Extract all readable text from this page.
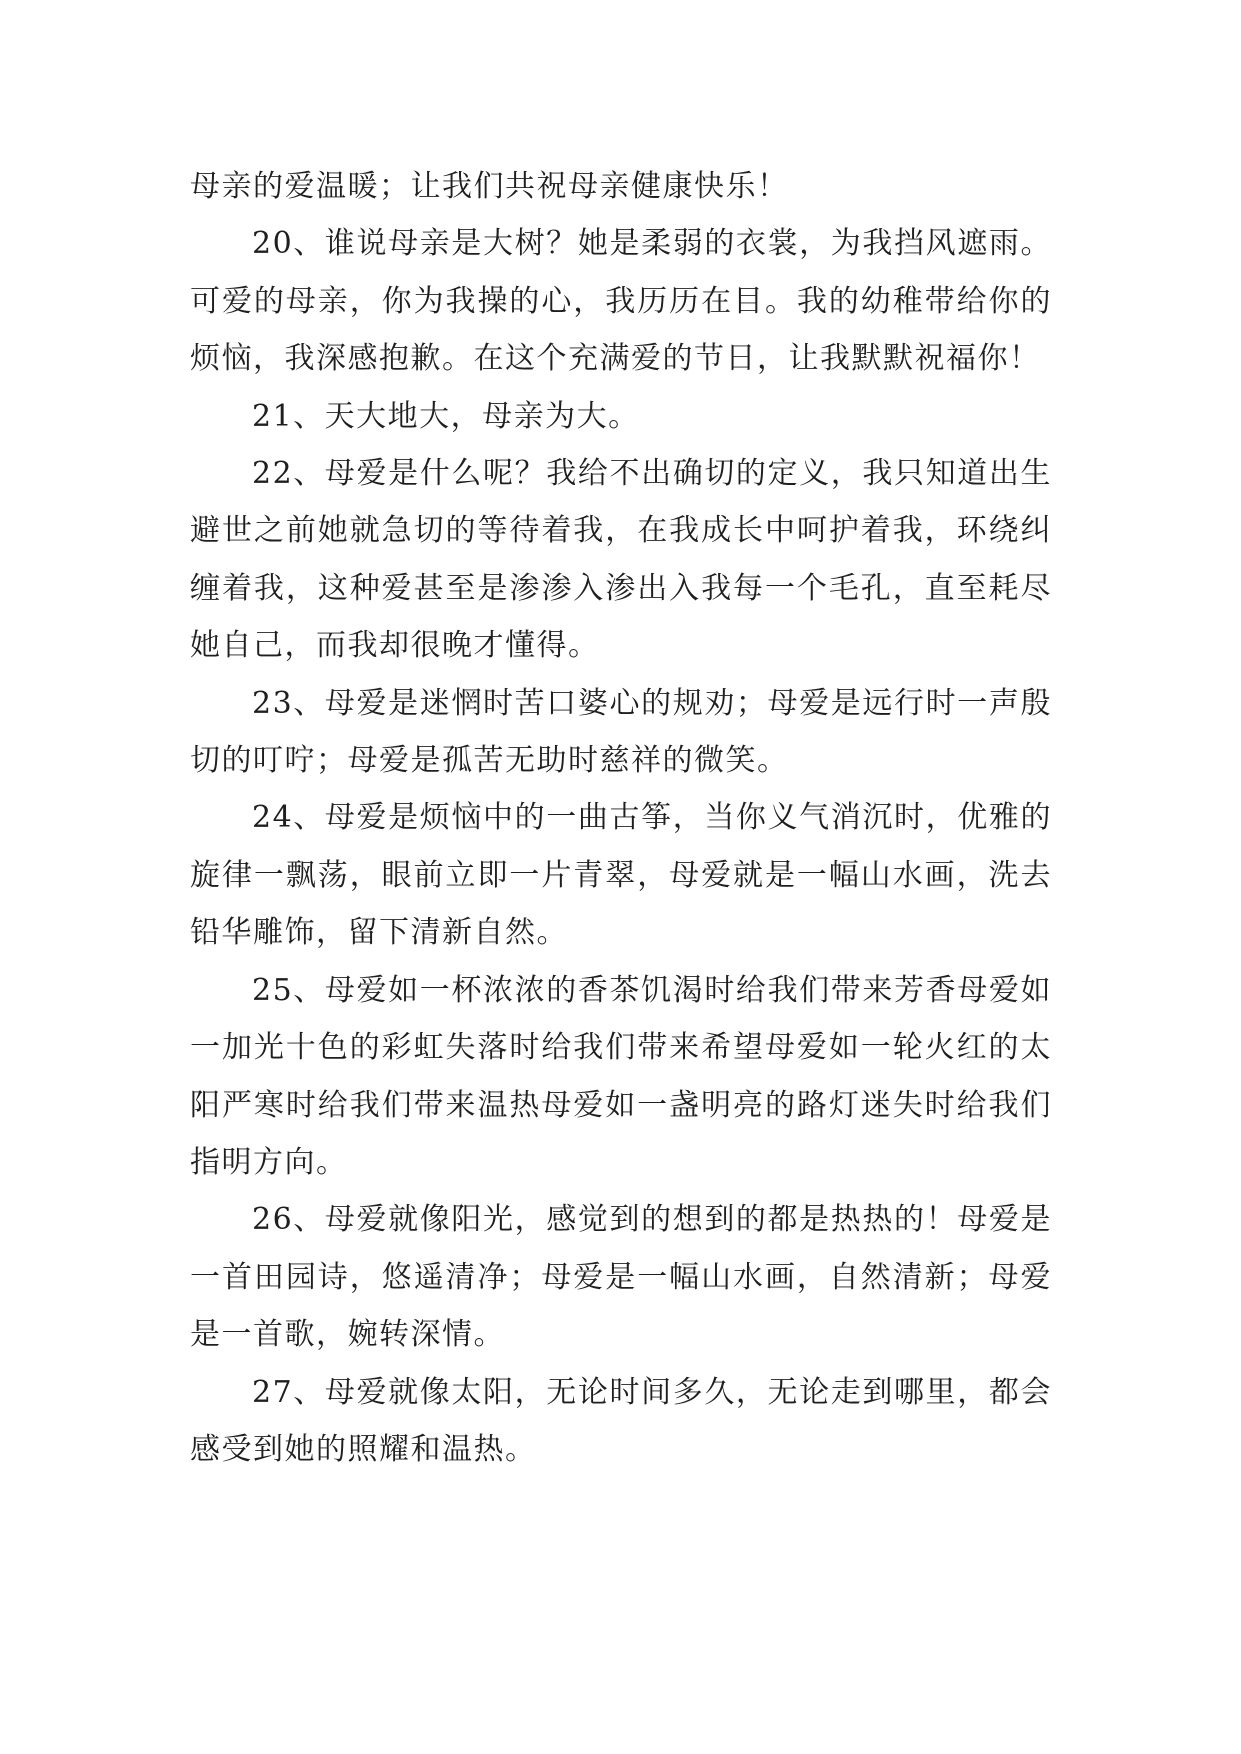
母亲的爱温暖；让我们共祝母亲健康快乐！

20、谁说母亲是大树？她是柔弱的衣裳，为我挡风遮雨。可爱的母亲，你为我操的心，我历历在目。我的幼稚带给你的烦恼，我深感抱歉。在这个充满爱的节日，让我默默祝福你！

21、天大地大，母亲为大。

22、母爱是什么呢？我给不出确切的定义，我只知道出生避世之前她就急切的等待着我，在我成长中呵护着我，环绕纠缠着我，这种爱甚至是渗渗入渗出入我每一个毛孔，直至耗尽她自己，而我却很晚才懂得。

23、母爱是迷惘时苦口婆心的规劝；母爱是远行时一声殷切的叮咛；母爱是孤苦无助时慈祥的微笑。

24、母爱是烦恼中的一曲古筝，当你义气消沉时，优雅的旋律一飘荡，眼前立即一片青翠，母爱就是一幅山水画，洗去铅华雕饰，留下清新自然。

25、母爱如一杯浓浓的香茶饥渴时给我们带来芳香母爱如一加光十色的彩虹失落时给我们带来希望母爱如一轮火红的太阳严寒时给我们带来温热母爱如一盏明亮的路灯迷失时给我们指明方向。

26、母爱就像阳光，感觉到的想到的都是热热的！母爱是一首田园诗，悠遥清净；母爱是一幅山水画，自然清新；母爱是一首歌，婉转深情。

27、母爱就像太阳，无论时间多久，无论走到哪里，都会感受到她的照耀和温热。
